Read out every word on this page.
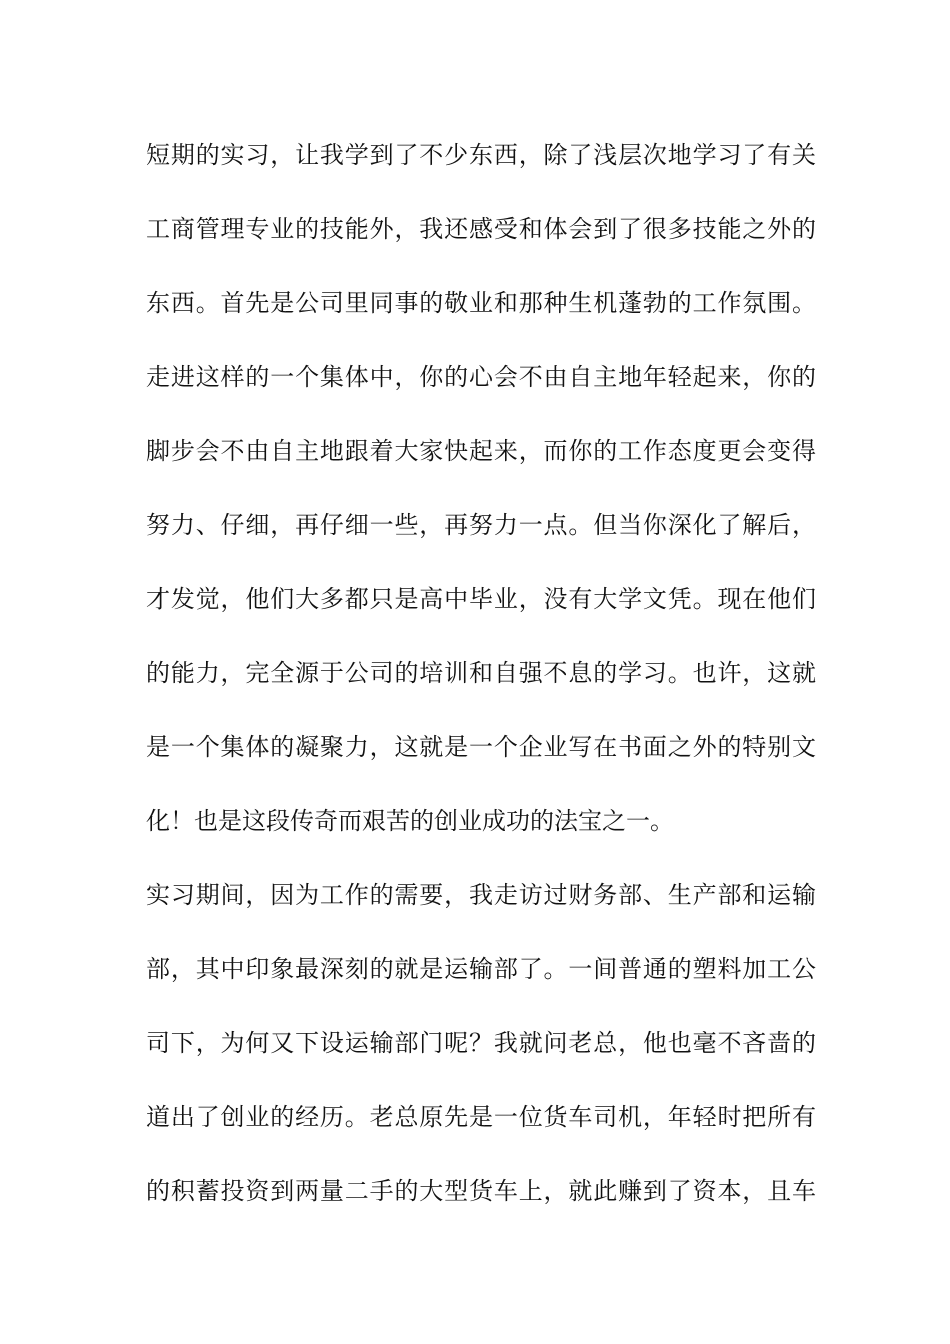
短期的实习，让我学到了不少东西，除了浅层次地学习了有关
工商管理专业的技能外，我还感受和体会到了很多技能之外的
东西。首先是公司里同事的敬业和那种生机蓬勃的工作氛围。
走进这样的一个集体中，你的心会不由自主地年轻起来，你的
脚步会不由自主地跟着大家快起来，而你的工作态度更会变得
努力、仔细，再仔细一些，再努力一点。但当你深化了解后，
才发觉，他们大多都只是高中毕业，没有大学文凭。现在他们
的能力，完全源于公司的培训和自强不息的学习。也许，这就
是一个集体的凝聚力，这就是一个企业写在书面之外的特别文
化！也是这段传奇而艰苦的创业成功的法宝之一。
实习期间，因为工作的需要，我走访过财务部、生产部和运输
部，其中印象最深刻的就是运输部了。一间普通的塑料加工公
司下，为何又下设运输部门呢？我就问老总，他也毫不吝啬的
道出了创业的经历。老总原先是一位货车司机，年轻时把所有
的积蓄投资到两量二手的大型货车上，就此赚到了资本，且车
